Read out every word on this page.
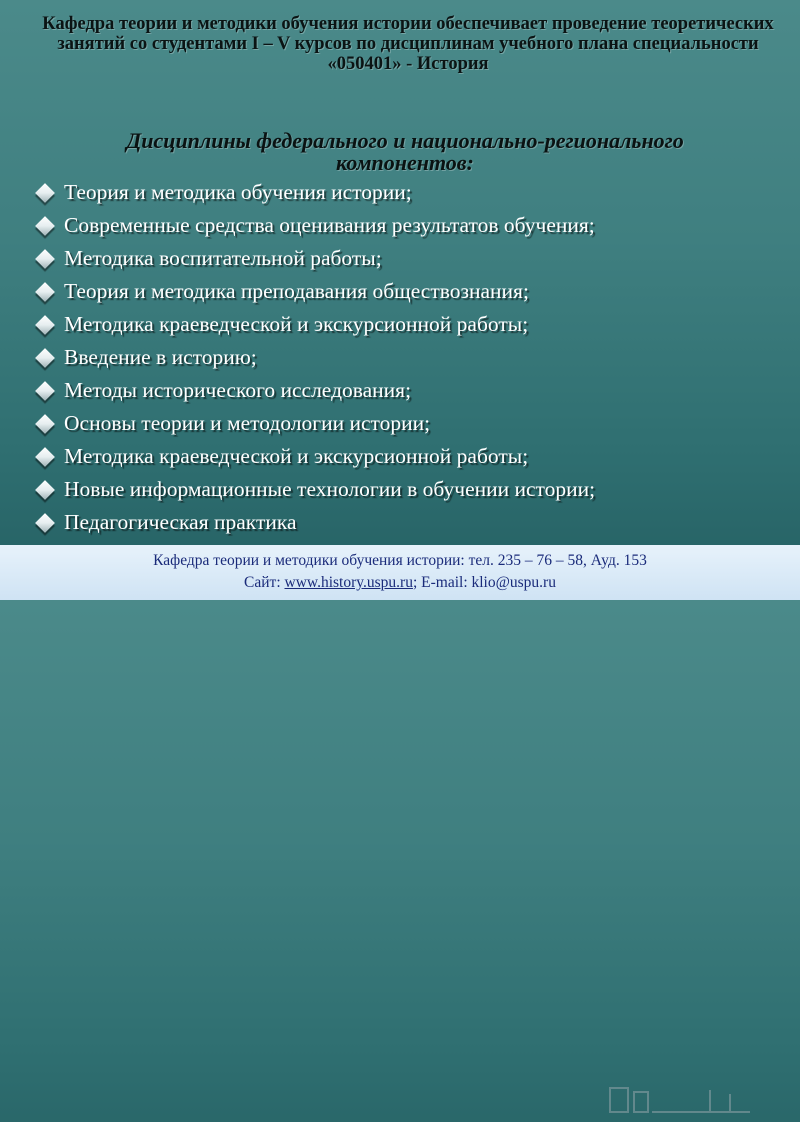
Кафедра теории и методики обучения истории обеспечивает проведение теоретических занятий со студентами I – V курсов по дисциплинам учебного плана специальности «050401» - История
Дисциплины федерального и национально-регионального компонентов:
Теория и методика обучения истории;
Современные средства оценивания результатов обучения;
Методика воспитательной работы;
Теория и методика преподавания обществознания;
Методика краеведческой и экскурсионной работы;
Введение в историю;
Методы исторического исследования;
Основы теории и методологии истории;
Методика краеведческой и экскурсионной работы;
Новые информационные технологии в обучении истории;
Педагогическая практика
Кафедра теории и методики обучения истории: тел. 235 – 76 – 58, Ауд. 153
Сайт: www.history.uspu.ru; E-mail: klio@uspu.ru
